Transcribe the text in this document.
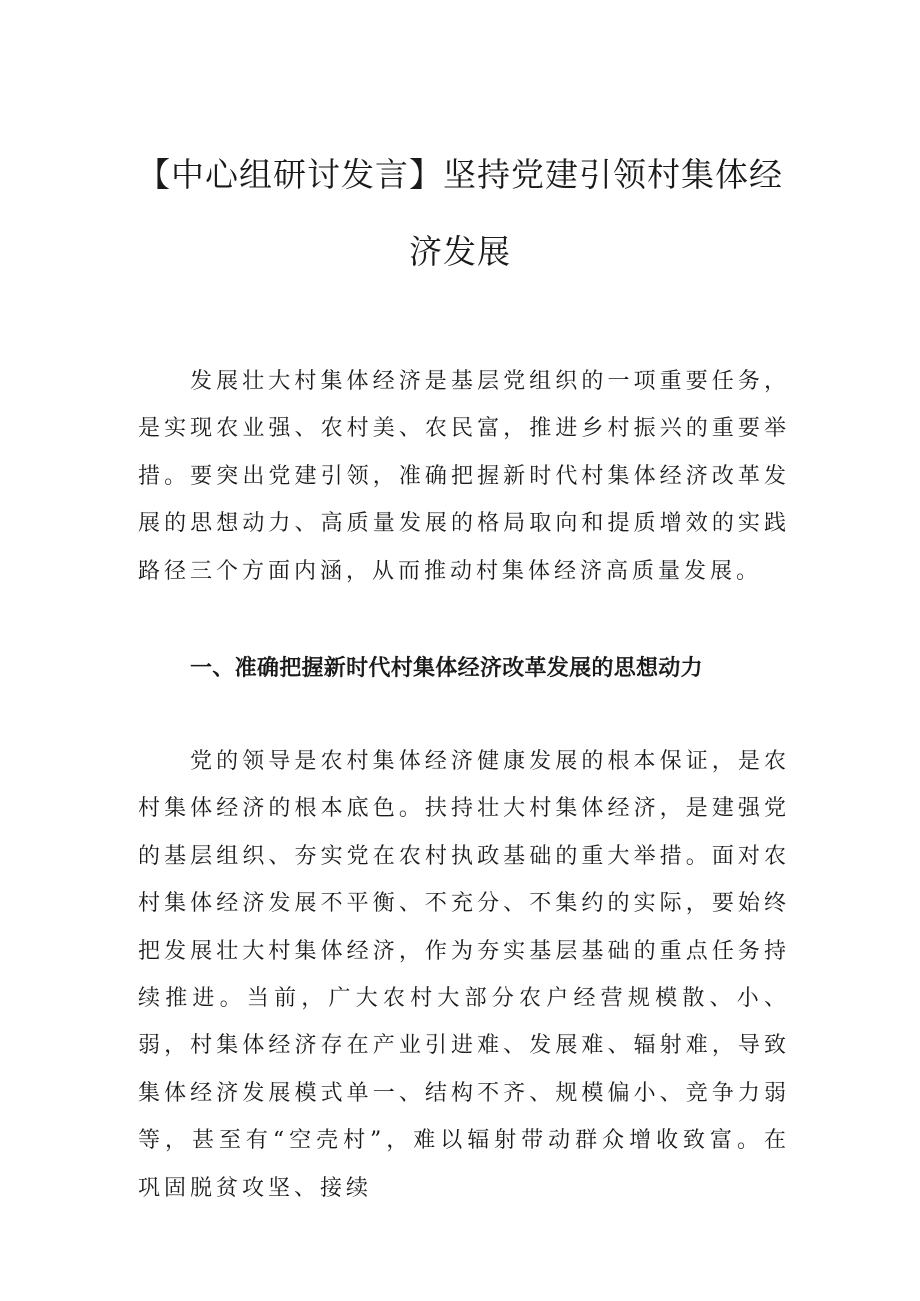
【中心组研讨发言】坚持党建引领村集体经
济发展

发展壮大村集体经济是基层党组织的一项重要任务，是实现农业强、农村美、农民富，推进乡村振兴的重要举措。要突出党建引领，准确把握新时代村集体经济改革发展的思想动力、高质量发展的格局取向和提质增效的实践路径三个方面内涵，从而推动村集体经济高质量发展。

一、准确把握新时代村集体经济改革发展的思想动力

党的领导是农村集体经济健康发展的根本保证，是农村集体经济的根本底色。扶持壮大村集体经济，是建强党的基层组织、夯实党在农村执政基础的重大举措。面对农村集体经济发展不平衡、不充分、不集约的实际，要始终把发展壮大村集体经济，作为夯实基层基础的重点任务持续推进。当前，广大农村大部分农户经营规模散、小、弱，村集体经济存在产业引进难、发展难、辐射难，导致集体经济发展模式单一、结构不齐、规模偏小、竞争力弱等，甚至有“空壳村”，难以辐射带动群众增收致富。在巩固脱贫攻坚、接续
